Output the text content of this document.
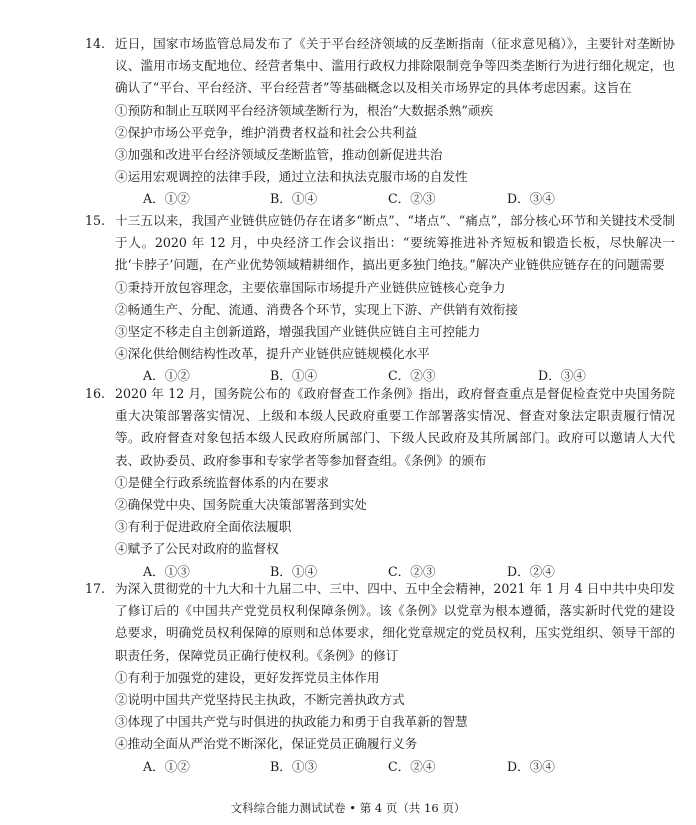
14. 近日，国家市场监管总局发布了《关于平台经济领域的反垄断指南（征求意见稿）》，主要针对垄断协议、滥用市场支配地位、经营者集中、滥用行政权力排除限制竞争等四类垄断行为进行细化规定，也确认了“平台、平台经济、平台经营者”等基础概念以及相关市场界定的具体考虑因素。这旨在
①预防和制止互联网平台经济领域垄断行为，根治“大数据杀熟”顽疾
②保护市场公平竞争，维护消费者权益和社会公共利益
③加强和改进平台经济领域反垄断监管，推动创新促进共治
④运用宏观调控的法律手段，通过立法和执法克服市场的自发性
A．①②	B．①④	C．②③	D．③④
15. 十三五以来，我国产业链供应链仍存在诸多“断点”、“堵点”、“痛点”，部分核心环节和关键技术受制于人。2020 年 12 月，中央经济工作会议指出：“要统筹推进补齐短板和锻造长板，尽快解决一批‘卡脖子’问题，在产业优势领域精耕细作，搞出更多独门绝技。”解决产业链供应链存在的问题需要
①秉持开放包容理念，主要依靠国际市场提升产业链供应链核心竞争力
②畅通生产、分配、流通、消费各个环节，实现上下游、产供销有效衔接
③坚定不移走自主创新道路，增强我国产业链供应链自主可控能力
④深化供给侧结构性改革，提升产业链供应链规模化水平
A．①②	B．①④	C．②③	D．③④
16. 2020 年 12 月，国务院公布的《政府督查工作条例》指出，政府督查重点是督促检查党中央国务院重大决策部署落实情况、上级和本级人民政府重要工作部署落实情况、督查对象法定职责履行情况等。政府督查对象包括本级人民政府所属部门、下级人民政府及其所属部门。政府可以邀请人大代表、政协委员、政府参事和专家学者等参加督查组。《条例》的颁布
①是健全行政系统监督体系的内在要求
②确保党中央、国务院重大决策部署落到实处
③有利于促进政府全面依法履职
④赋予了公民对政府的监督权
A．①③	B．①④	C．②③	D．②④
17. 为深入贯彻党的十九大和十九届二中、三中、四中、五中全会精神，2021 年 1 月 4 日中共中央印发了修订后的《中国共产党党员权利保障条例》。该《条例》以党章为根本遵循，落实新时代党的建设总要求，明确党员权利保障的原则和总体要求，细化党章规定的党员权利，压实党组织、领导干部的职责任务，保障党员正确行使权利。《条例》的修订
①有利于加强党的建设，更好发挥党员主体作用
②说明中国共产党坚持民主执政，不断完善执政方式
③体现了中国共产党与时俱进的执政能力和勇于自我革新的智慧
④推动全面从严治党不断深化，保证党员正确履行义务
A．①②	B．①③	C．②④	D．③④
文科综合能力测试试卷 • 第 4 页（共 16 页）
